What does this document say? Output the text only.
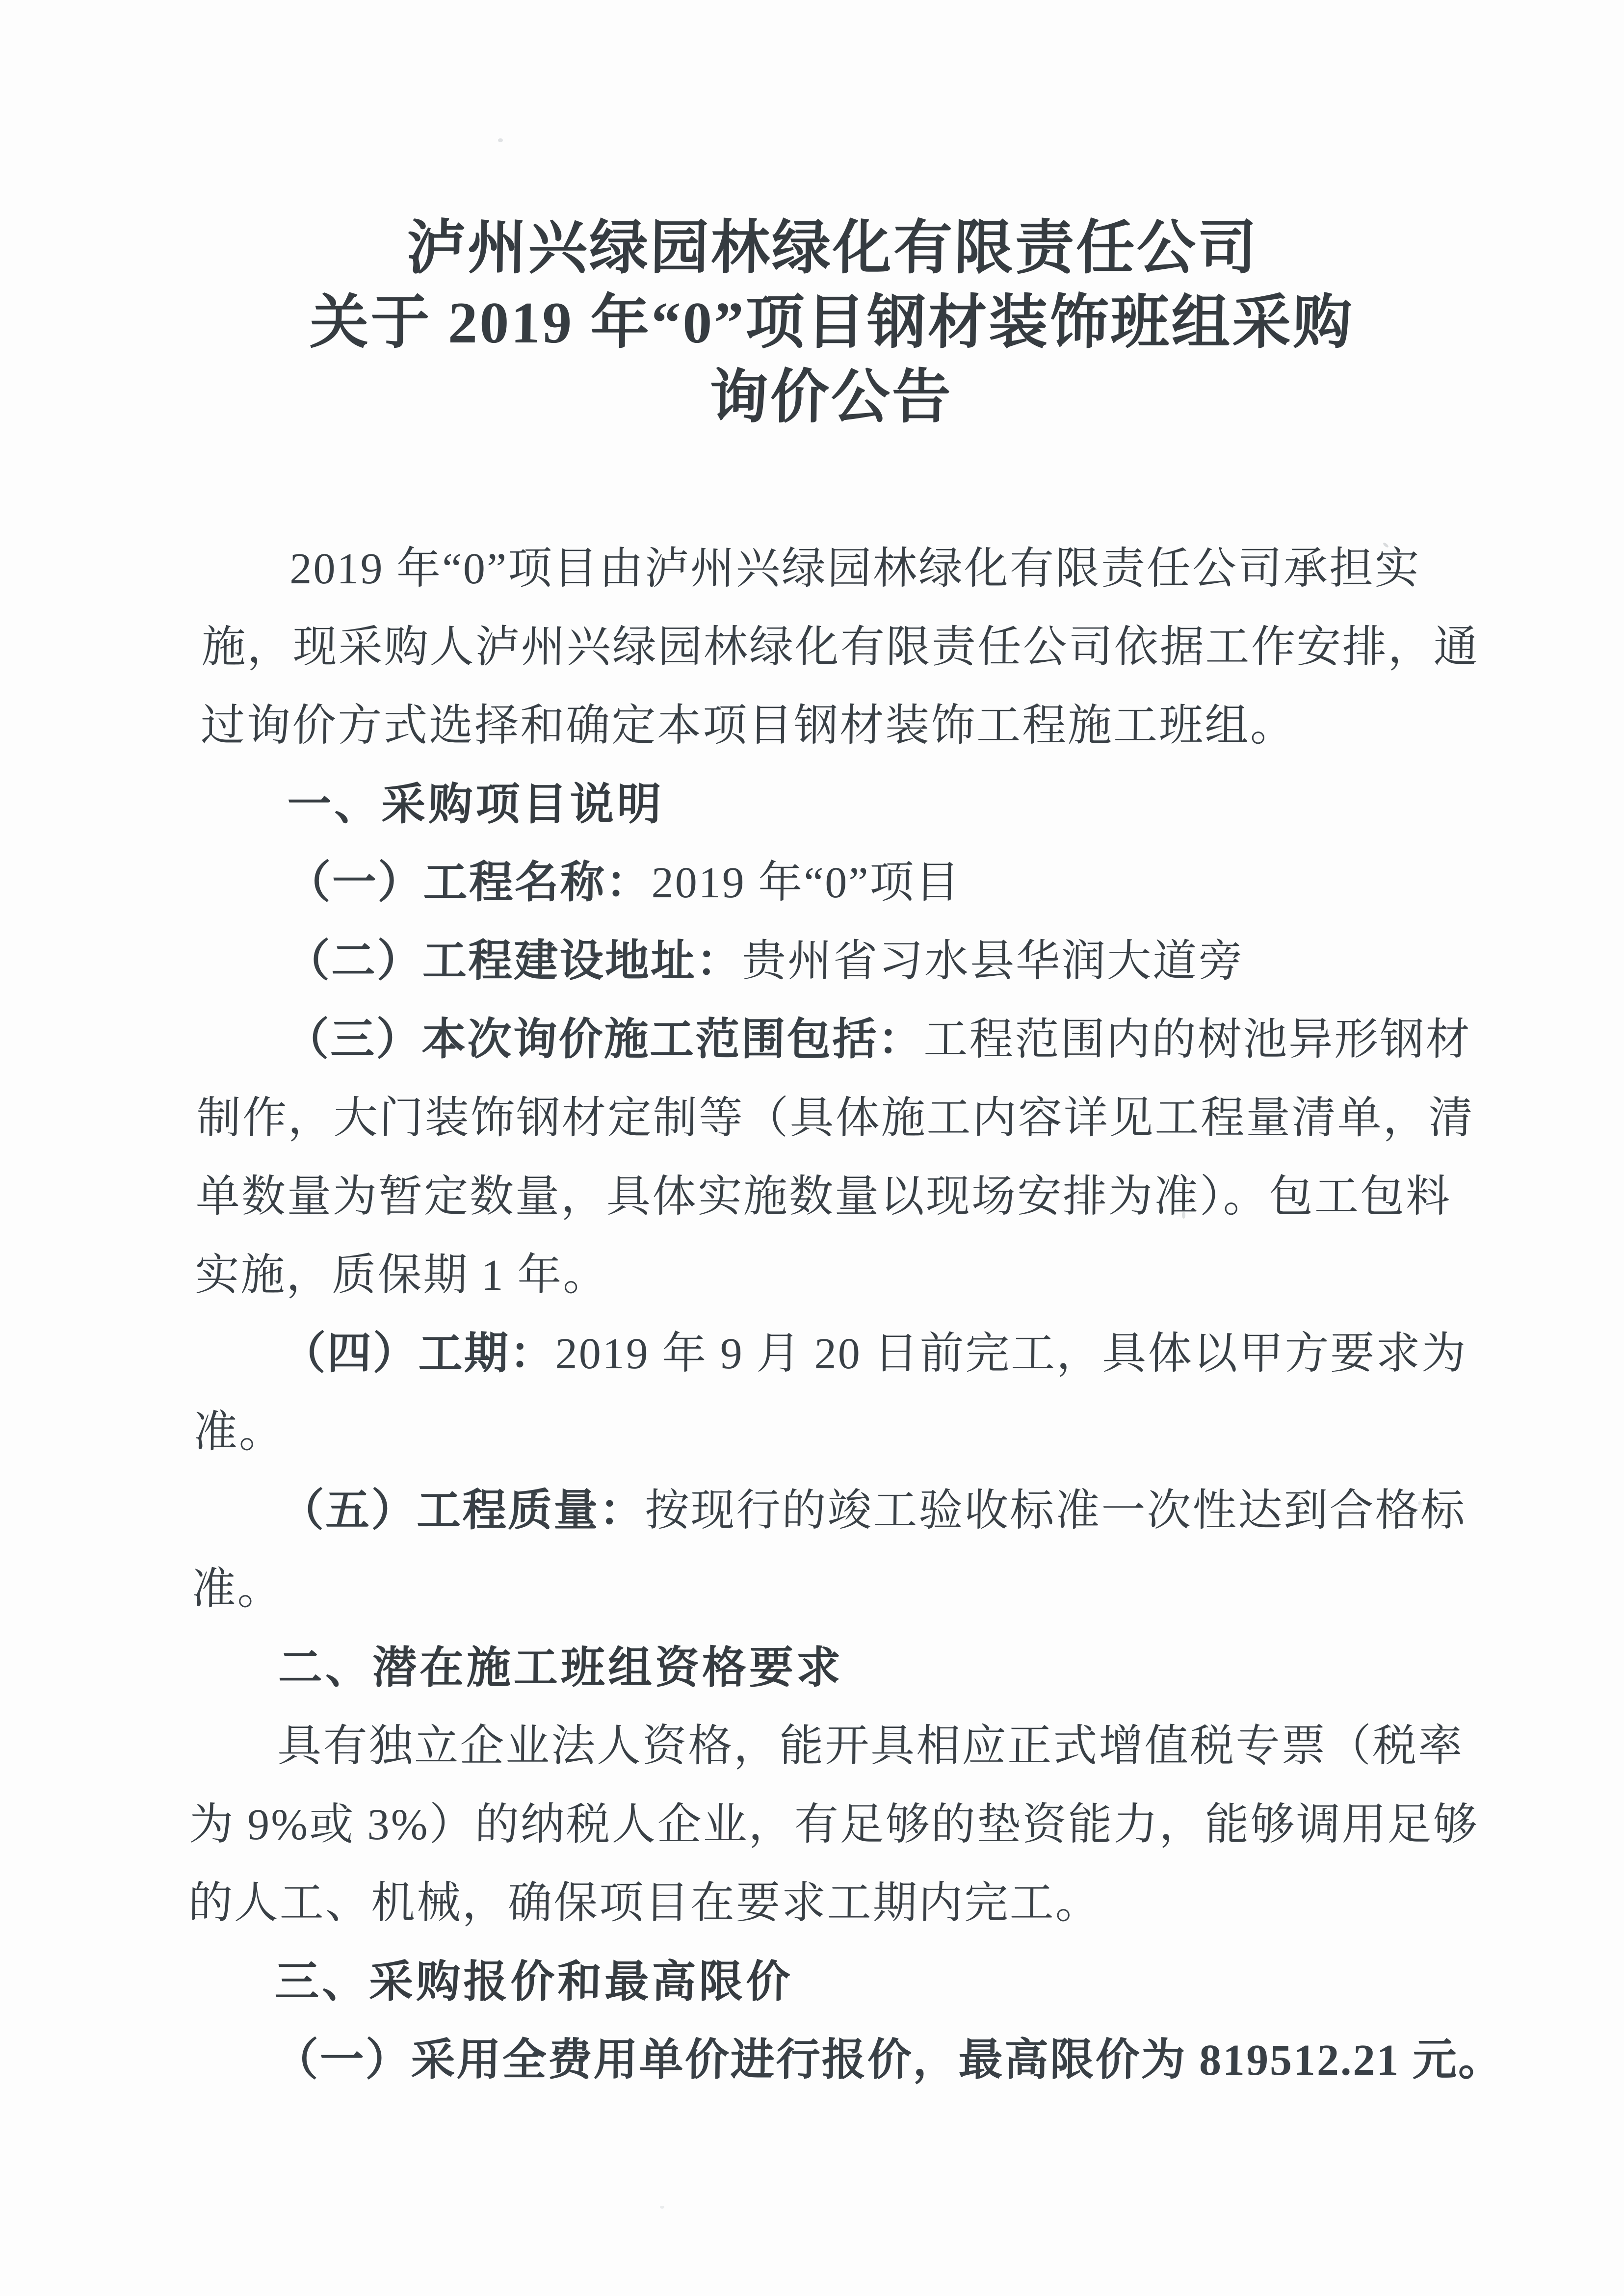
泸州兴绿园林绿化有限责任公司
关于 2019 年“0”项目钢材装饰班组采购
询价公告
2019 年“0”项目由泸州兴绿园林绿化有限责任公司承担实
施，现采购人泸州兴绿园林绿化有限责任公司依据工作安排，通
过询价方式选择和确定本项目钢材装饰工程施工班组。
一、采购项目说明
（一）工程名称：2019 年“0”项目
（二）工程建设地址：贵州省习水县华润大道旁
（三）本次询价施工范围包括：工程范围内的树池异形钢材
制作，大门装饰钢材定制等（具体施工内容详见工程量清单，清
单数量为暂定数量，具体实施数量以现场安排为准）。包工包料
实施，质保期 1 年。
（四）工期：2019 年 9 月 20 日前完工，具体以甲方要求为
准。
（五）工程质量：按现行的竣工验收标准一次性达到合格标
准。
二、潜在施工班组资格要求
具有独立企业法人资格，能开具相应正式增值税专票（税率
为 9%或 3%）的纳税人企业，有足够的垫资能力，能够调用足够
的人工、机械，确保项目在要求工期内完工。
三、采购报价和最高限价
（一）采用全费用单价进行报价，最高限价为 819512.21 元。
